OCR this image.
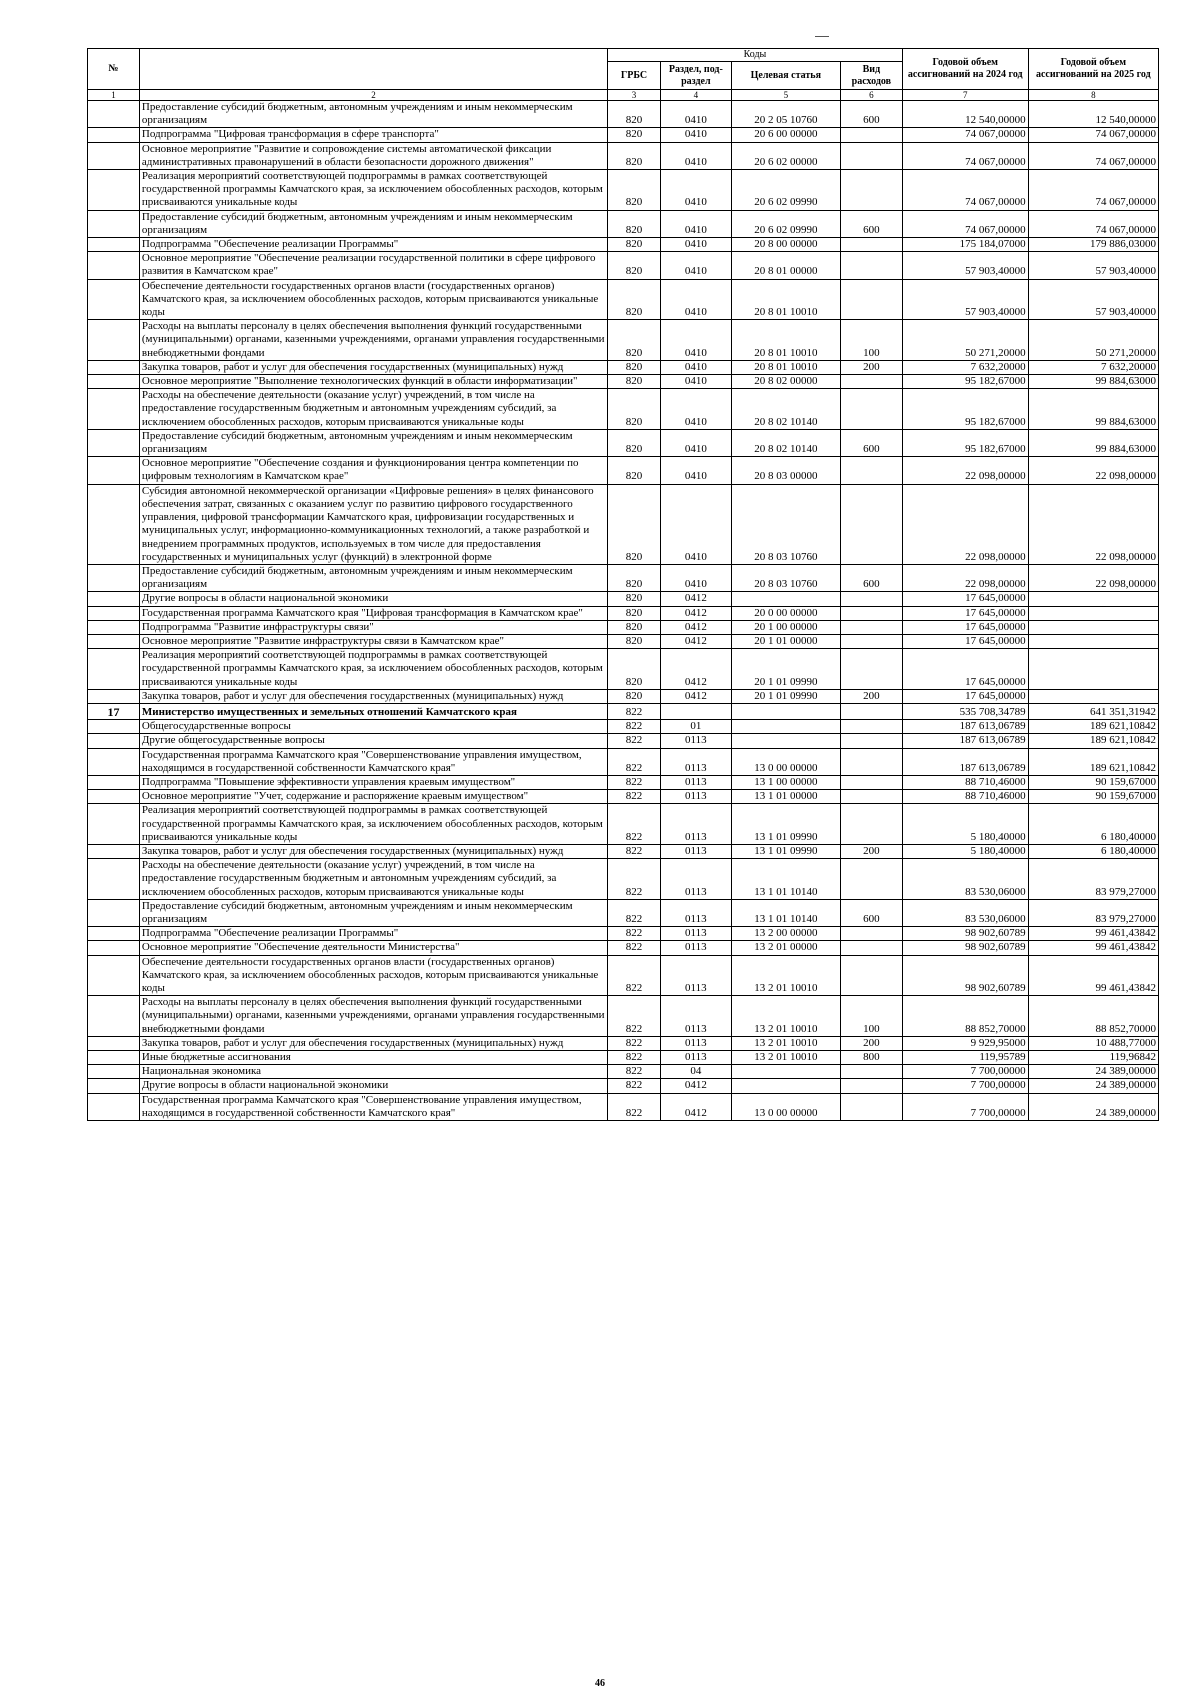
№		Коды				Годовой объем ассигнований на 2024 год	Годовой объем ассигнований на 2025 год
		ГРБС	Раздел, под-раздел	Целевая статья	Вид расходов		
1	2	3	4	5	6	7	8
	Предоставление субсидий бюджетным, автономным учреждениям и иным некоммерческим организациям	820	0410	20 2 05 10760	600	12 540,00000	12 540,00000
	Подпрограмма "Цифровая трансформация в сфере транспорта"	820	0410	20 6 00 00000		74 067,00000	74 067,00000
	Основное мероприятие "Развитие и сопровождение системы автоматической фиксации административных правонарушений в области безопасности дорожного движения"	820	0410	20 6 02 00000		74 067,00000	74 067,00000
	Реализация мероприятий соответствующей подпрограммы в рамках соответствующей государственной программы Камчатского края, за исключением обособленных расходов, которым присваиваются уникальные коды	820	0410	20 6 02 09990		74 067,00000	74 067,00000
	Предоставление субсидий бюджетным, автономным учреждениям и иным некоммерческим организациям	820	0410	20 6 02 09990	600	74 067,00000	74 067,00000
	Подпрограмма "Обеспечение реализации Программы"	820	0410	20 8 00 00000		175 184,07000	179 886,03000
	Основное мероприятие "Обеспечение реализации государственной политики в сфере цифрового развития в Камчатском крае"	820	0410	20 8 01 00000		57 903,40000	57 903,40000
	Обеспечение деятельности государственных органов власти (государственных органов) Камчатского края, за исключением обособленных расходов, которым присваиваются уникальные коды	820	0410	20 8 01 10010		57 903,40000	57 903,40000
	Расходы на выплаты персоналу в целях обеспечения выполнения функций государственными (муниципальными) органами, казенными учреждениями, органами управления государственными внебюджетными фондами	820	0410	20 8 01 10010	100	50 271,20000	50 271,20000
	Закупка товаров, работ и услуг для обеспечения государственных (муниципальных) нужд	820	0410	20 8 01 10010	200	7 632,20000	7 632,20000
	Основное мероприятие "Выполнение технологических функций в области информатизации"	820	0410	20 8 02 00000		95 182,67000	99 884,63000
	Расходы на обеспечение деятельности (оказание услуг) учреждений, в том числе на предоставление государственным бюджетным и автономным учреждениям субсидий, за исключением обособленных расходов, которым присваиваются уникальные коды	820	0410	20 8 02 10140		95 182,67000	99 884,63000
	Предоставление субсидий бюджетным, автономным учреждениям и иным некоммерческим организациям	820	0410	20 8 02 10140	600	95 182,67000	99 884,63000
	Основное мероприятие "Обеспечение создания и функционирования центра компетенции по цифровым технологиям в Камчатском крае"	820	0410	20 8 03 00000		22 098,00000	22 098,00000
	Субсидия автономной некоммерческой организации «Цифровые решения» в целях финансового обеспечения затрат, связанных с оказанием услуг по развитию цифрового государственного управления, цифровой трансформации Камчатского края, цифровизации государственных и муниципальных услуг, информационно-коммуникационных технологий, а также разработкой и внедрением программных продуктов, используемых в том числе для предоставления государственных и муниципальных услуг (функций) в электронной форме	820	0410	20 8 03 10760		22 098,00000	22 098,00000
	Предоставление субсидий бюджетным, автономным учреждениям и иным некоммерческим организациям	820	0410	20 8 03 10760	600	22 098,00000	22 098,00000
	Другие вопросы в области национальной экономики	820	0412			17 645,00000	
	Государственная программа Камчатского края "Цифровая трансформация в Камчатском крае"	820	0412	20 0 00 00000		17 645,00000	
	Подпрограмма "Развитие инфраструктуры связи"	820	0412	20 1 00 00000		17 645,00000	
	Основное мероприятие "Развитие инфраструктуры связи в Камчатском крае"	820	0412	20 1 01 00000		17 645,00000	
	Реализация мероприятий соответствующей подпрограммы в рамках соответствующей государственной программы Камчатского края, за исключением обособленных расходов, которым присваиваются уникальные коды	820	0412	20 1 01 09990		17 645,00000	
	Закупка товаров, работ и услуг для обеспечения государственных (муниципальных) нужд	820	0412	20 1 01 09990	200	17 645,00000	
17	Министерство имущественных и земельных отношений Камчатского края	822				535 708,34789	641 351,31942
	Общегосударственные вопросы	822	01			187 613,06789	189 621,10842
	Другие общегосударственные вопросы	822	0113			187 613,06789	189 621,10842
	Государственная программа Камчатского края "Совершенствование управления имуществом, находящимся в государственной собственности Камчатского края"	822	0113	13 0 00 00000		187 613,06789	189 621,10842
	Подпрограмма "Повышение эффективности управления краевым имуществом"	822	0113	13 1 00 00000		88 710,46000	90 159,67000
	Основное мероприятие "Учет, содержание и распоряжение краевым имуществом"	822	0113	13 1 01 00000		88 710,46000	90 159,67000
	Реализация мероприятий соответствующей подпрограммы в рамках соответствующей государственной программы Камчатского края, за исключением обособленных расходов, которым присваиваются уникальные коды	822	0113	13 1 01 09990		5 180,40000	6 180,40000
	Закупка товаров, работ и услуг для обеспечения государственных (муниципальных) нужд	822	0113	13 1 01 09990	200	5 180,40000	6 180,40000
	Расходы на обеспечение деятельности (оказание услуг) учреждений, в том числе на предоставление государственным бюджетным и автономным учреждениям субсидий, за исключением обособленных расходов, которым присваиваются уникальные коды	822	0113	13 1 01 10140		83 530,06000	83 979,27000
	Предоставление субсидий бюджетным, автономным учреждениям и иным некоммерческим организациям	822	0113	13 1 01 10140	600	83 530,06000	83 979,27000
	Подпрограмма "Обеспечение реализации Программы"	822	0113	13 2 00 00000		98 902,60789	99 461,43842
	Основное мероприятие "Обеспечение деятельности Министерства"	822	0113	13 2 01 00000		98 902,60789	99 461,43842
	Обеспечение деятельности государственных органов власти (государственных органов) Камчатского края, за исключением обособленных расходов, которым присваиваются уникальные коды	822	0113	13 2 01 10010		98 902,60789	99 461,43842
	Расходы на выплаты персоналу в целях обеспечения выполнения функций государственными (муниципальными) органами, казенными учреждениями, органами управления государственными внебюджетными фондами	822	0113	13 2 01 10010	100	88 852,70000	88 852,70000
	Закупка товаров, работ и услуг для обеспечения государственных (муниципальных) нужд	822	0113	13 2 01 10010	200	9 929,95000	10 488,77000
	Иные бюджетные ассигнования	822	0113	13 2 01 10010	800	119,95789	119,96842
	Национальная экономика	822	04			7 700,00000	24 389,00000
	Другие вопросы в области национальной экономики	822	0412			7 700,00000	24 389,00000
	Государственная программа Камчатского края "Совершенствование управления имуществом, находящимся в государственной собственности Камчатского края"	822	0412	13 0 00 00000		7 700,00000	24 389,00000
46
